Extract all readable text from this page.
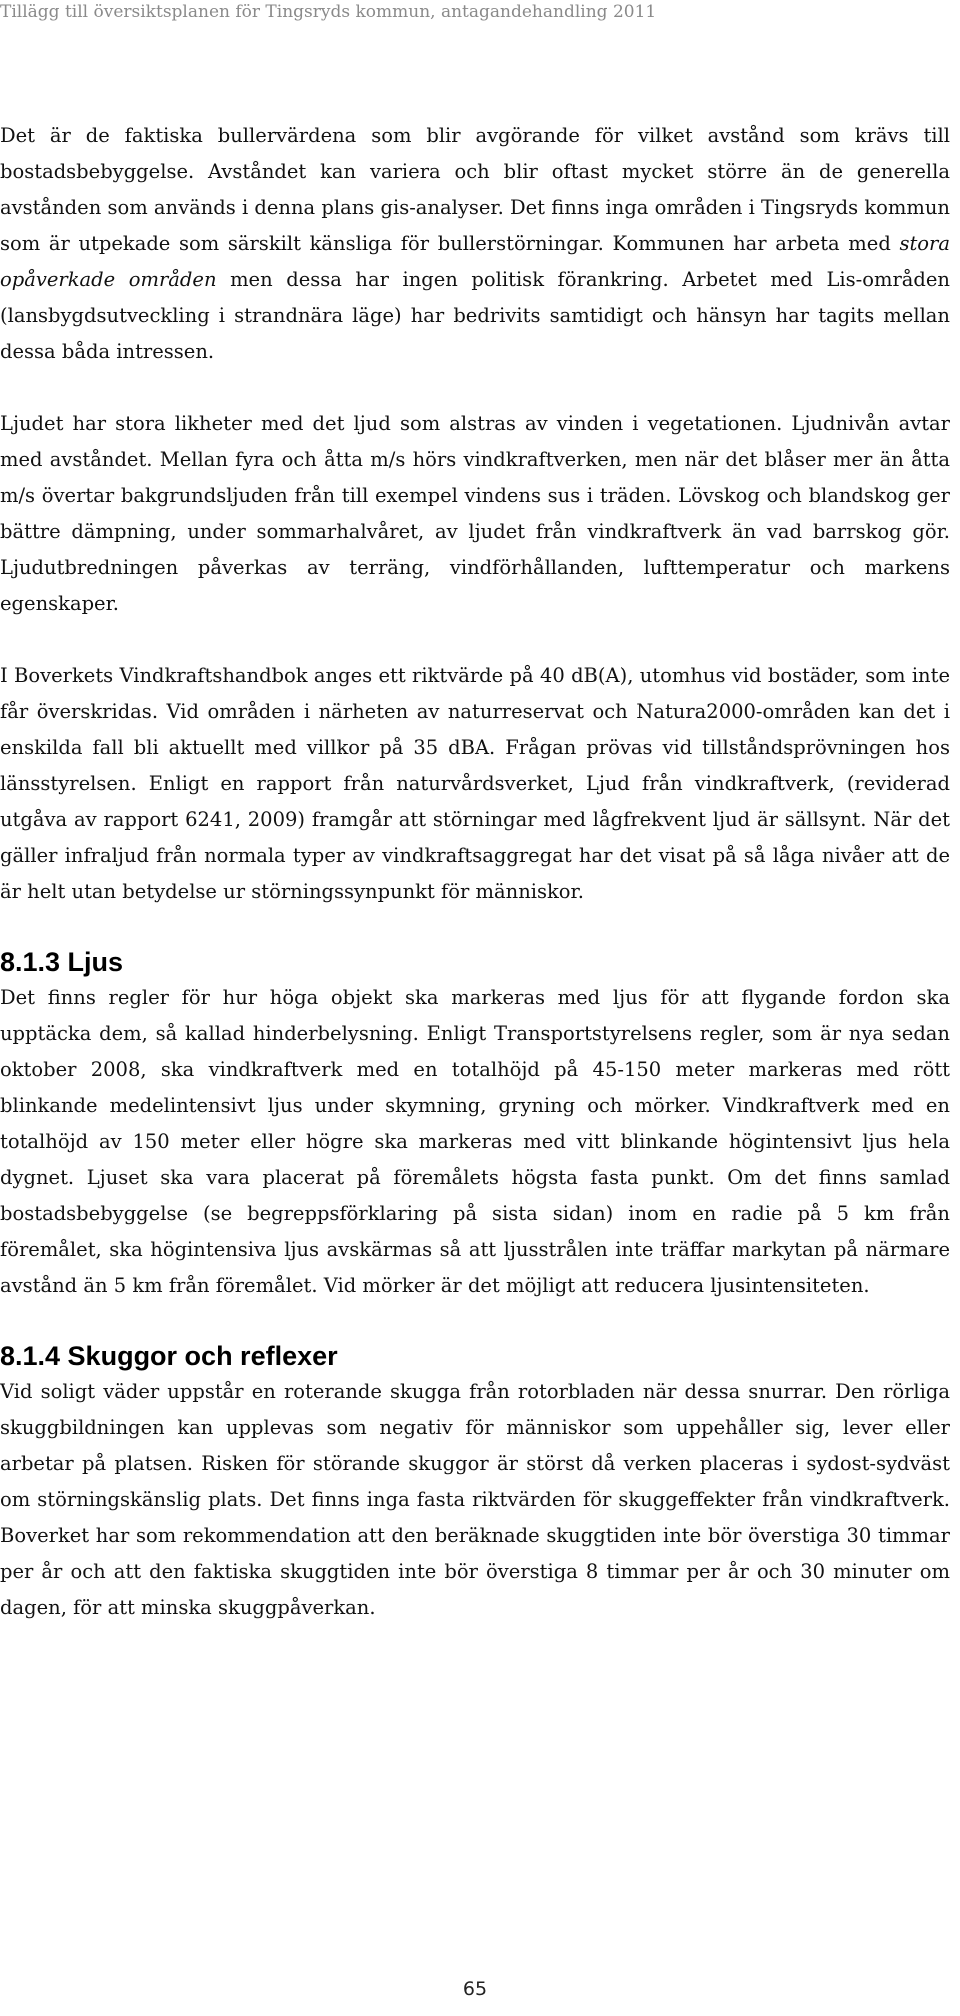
Tillägg till översiktsplanen för Tingsryds kommun, antagandehandling 2011

Det är de faktiska bullervärdena som blir avgörande för vilket avstånd som krävs till bostadsbebyggelse. Avståndet kan variera och blir oftast mycket större än de generella avstånden som används i denna plans gis-analyser. Det finns inga områden i Tingsryds kommun som är utpekade som särskilt känsliga för bullerstörningar. Kommunen har arbeta med stora opåverkade områden men dessa har ingen politisk förankring. Arbetet med Lis-områden (lansbygdsutveckling i strandnära läge) har bedrivits samtidigt och hänsyn har tagits mellan dessa båda intressen.

Ljudet har stora likheter med det ljud som alstras av vinden i vegetationen. Ljudnivån avtar med avståndet. Mellan fyra och åtta m/s hörs vindkraftverken, men när det blåser mer än åtta m/s övertar bakgrundsljuden från till exempel vindens sus i träden. Lövskog och blandskog ger bättre dämpning, under sommarhalvåret, av ljudet från vindkraftverk än vad barrskog gör. Ljudutbredningen påverkas av terräng, vindförhållanden, lufttemperatur och markens egenskaper.

I Boverkets Vindkraftshandbok anges ett riktvärde på 40 dB(A), utomhus vid bostäder, som inte får överskridas. Vid områden i närheten av naturreservat och Natura2000-områden kan det i enskilda fall bli aktuellt med villkor på 35 dBA. Frågan prövas vid tillståndsprövningen hos länsstyrelsen. Enligt en rapport från naturvårdsverket, Ljud från vindkraftverk, (reviderad utgåva av rapport 6241, 2009) framgår att störningar med lågfrekvent ljud är sällsynt. När det gäller infraljud från normala typer av vindkraftsaggregat har det visat på så låga nivåer att de är helt utan betydelse ur störningssynpunkt för människor.

8.1.3 Ljus

Det finns regler för hur höga objekt ska markeras med ljus för att flygande fordon ska upptäcka dem, så kallad hinderbelysning. Enligt Transportstyrelsens regler, som är nya sedan oktober 2008, ska vindkraftverk med en totalhöjd på 45-150 meter markeras med rött blinkande medelintensivt ljus under skymning, gryning och mörker. Vindkraftverk med en totalhöjd av 150 meter eller högre ska markeras med vitt blinkande högintensivt ljus hela dygnet. Ljuset ska vara placerat på föremålets högsta fasta punkt. Om det finns samlad bostadsbebyggelse (se begreppsförklaring på sista sidan) inom en radie på 5 km från föremålet, ska högintensiva ljus avskärmas så att ljusstrålen inte träffar markytan på närmare avstånd än 5 km från föremålet. Vid mörker är det möjligt att reducera ljusintensiteten.

8.1.4 Skuggor och reflexer

Vid soligt väder uppstår en roterande skugga från rotorbladen när dessa snurrar. Den rörliga skuggbildningen kan upplevas som negativ för människor som uppehåller sig, lever eller arbetar på platsen. Risken för störande skuggor är störst då verken placeras i sydost-sydväst om störningskänslig plats. Det finns inga fasta riktvärden för skuggeffekter från vindkraftverk. Boverket har som rekommendation att den beräknade skuggtiden inte bör överstiga 30 timmar per år och att den faktiska skuggtiden inte bör överstiga 8 timmar per år och 30 minuter om dagen, för att minska skuggpåverkan.

65
